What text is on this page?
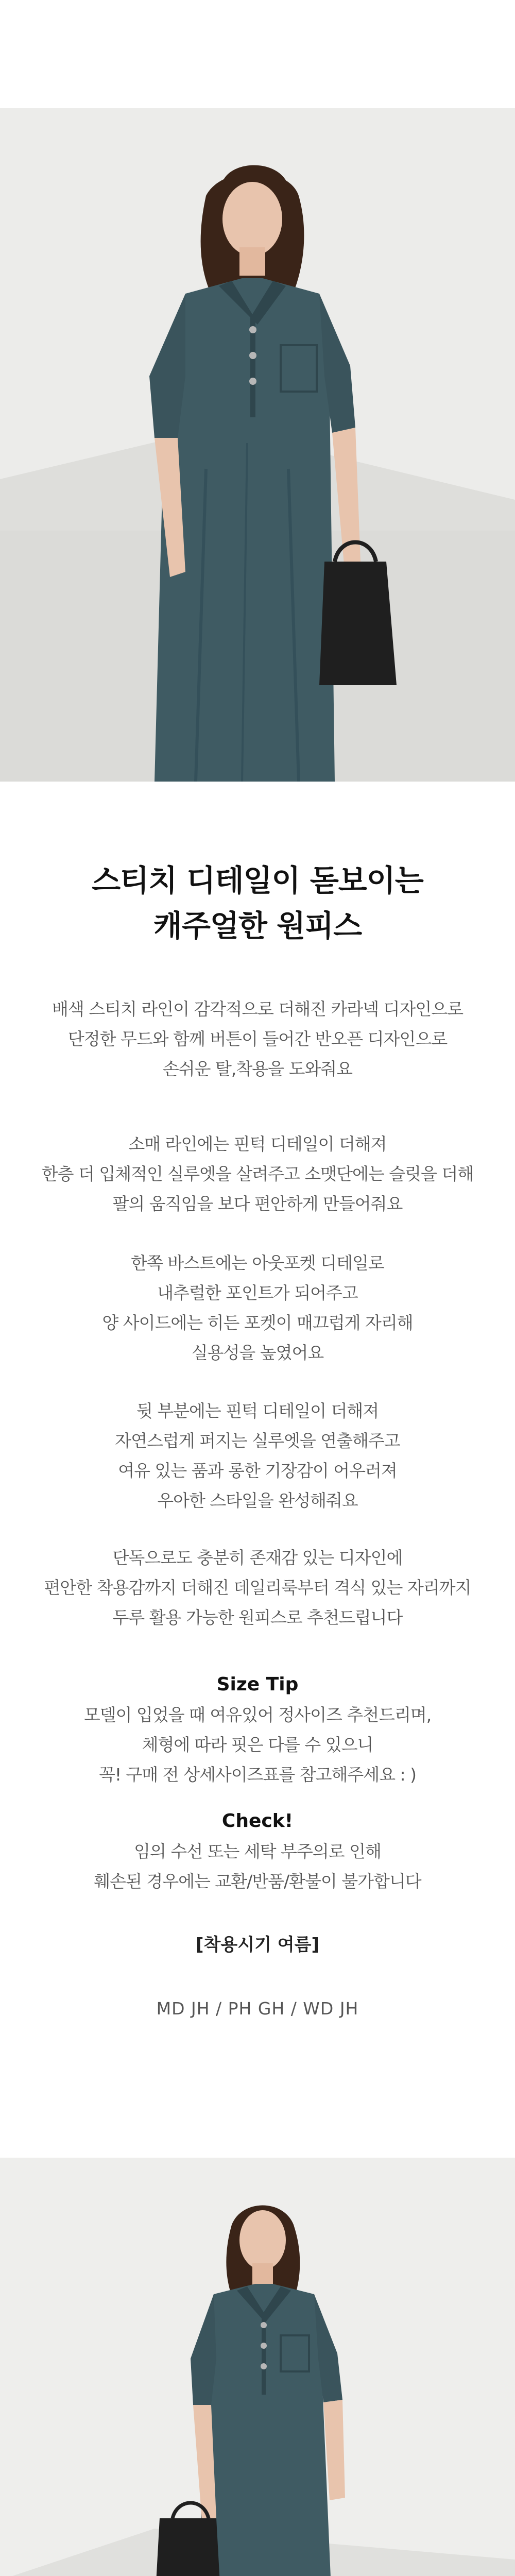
스티치 디테일이 돋보이는
캐주얼한 원피스
배색 스티치 라인이 감각적으로 더해진 카라넥 디자인으로
단정한 무드와 함께 버튼이 들어간 반오픈 디자인으로
손쉬운 탈,착용을 도와줘요
소매 라인에는 핀턱 디테일이 더해져
한층 더 입체적인 실루엣을 살려주고 소맷단에는 슬릿을 더해
팔의 움직임을 보다 편안하게 만들어줘요
한쪽 바스트에는 아웃포켓 디테일로
내추럴한 포인트가 되어주고
양 사이드에는 히든 포켓이 매끄럽게 자리해
실용성을 높였어요
뒷 부분에는 핀턱 디테일이 더해져
자연스럽게 퍼지는 실루엣을 연출해주고
여유 있는 품과 롱한 기장감이 어우러져
우아한 스타일을 완성해줘요
단독으로도 충분히 존재감 있는 디자인에
편안한 착용감까지 더해진 데일리룩부터 격식 있는 자리까지
두루 활용 가능한 원피스로 추천드립니다
Size Tip
모델이 입었을 때 여유있어 정사이즈 추천드리며,
체형에 따라 핏은 다를 수 있으니
꼭! 구매 전 상세사이즈표를 참고해주세요 : )
Check!
임의 수선 또는 세탁 부주의로 인해
훼손된 경우에는 교환/반품/환불이 불가합니다
[착용시기 여름]
MD JH / PH GH / WD JH
